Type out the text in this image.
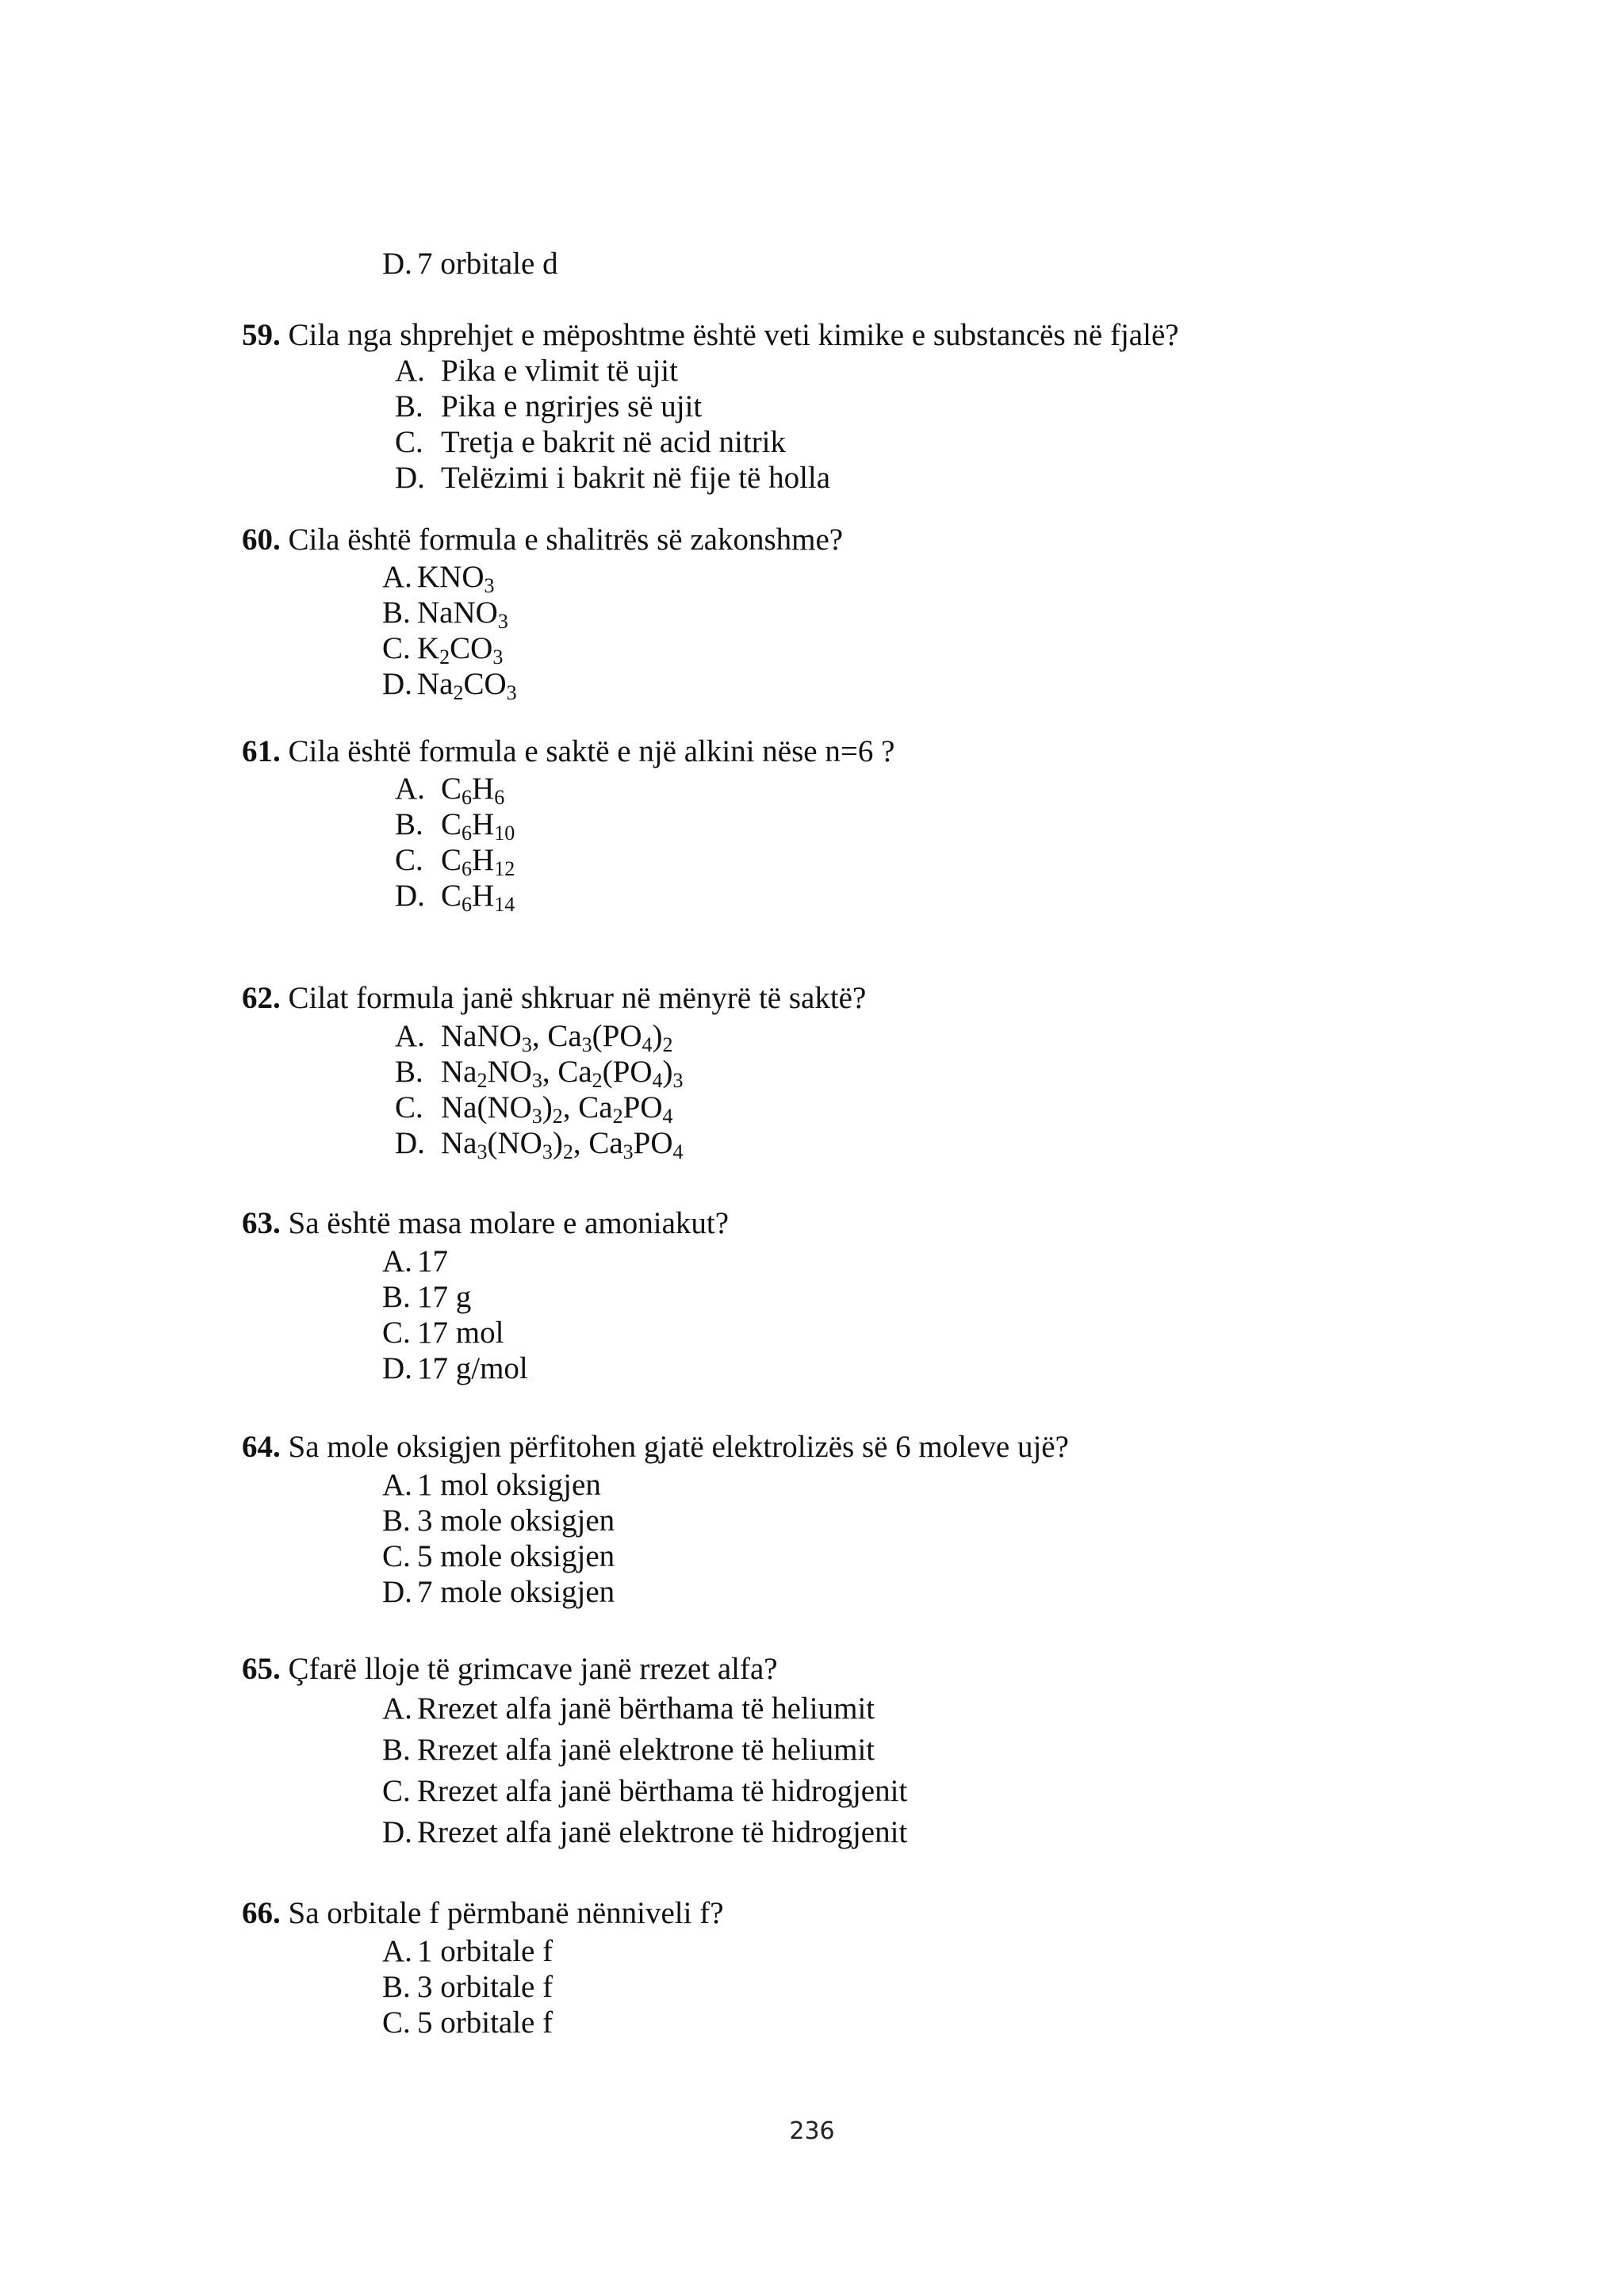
D. 7 orbitale d
59. Cila nga shprehjet e mëposhtme është veti kimike e substancës në fjalë?
A. Pika e vlimit të ujit
B. Pika e ngrirjes së ujit
C. Tretja e bakrit në acid nitrik
D. Telëzimi i bakrit në fije të holla
60. Cila është formula e shalitrës së zakonshme?
A. $KNO_3$
B. NaNO$_3$
C. $K_2CO_3$
D. $Na_2CO_3$
61. Cila është formula e saktë e një alkini nëse n=6 ?
A. $C_6H_6$
B. $C_6H_{10}$
C. $C_6H_{12}$
D. $C_6H_{14}$
62. Cilat formula janë shkruar në mënyrë të saktë?
A. NaNO$_3$, $Ca_3(PO_4)_2$
B. $Na_2NO_3$, $Ca_2(PO_4)_3$
C. $Na(NO_3)_2$, $Ca_2PO_4$
D. $Na_3(NO_3)_2$, $Ca_3PO_4$
63. Sa është masa molare e amoniakut?
A. 17
B. 17 g
C. 17 mol
D. 17 g/mol
64. Sa mole oksigjen përfitohen gjatë elektrolizës së 6 moleve ujë?
A. 1 mol oksigjen
B. 3 mole oksigjen
C. 5 mole oksigjen
D. 7 mole oksigjen
65. Çfarë lloje të grimcave janë rrezet alfa?
A. Rrezet alfa janë bërthama të heliumit
B. Rrezet alfa janë elektrone të heliumit
C. Rrezet alfa janë bërthama të hidrogjenit
D. Rrezet alfa janë elektrone të hidrogjenit
66. Sa orbitale f përmbanë nënniveli f?
A. 1 orbitale f
B. 3 orbitale f
C. 5 orbitale f
236
